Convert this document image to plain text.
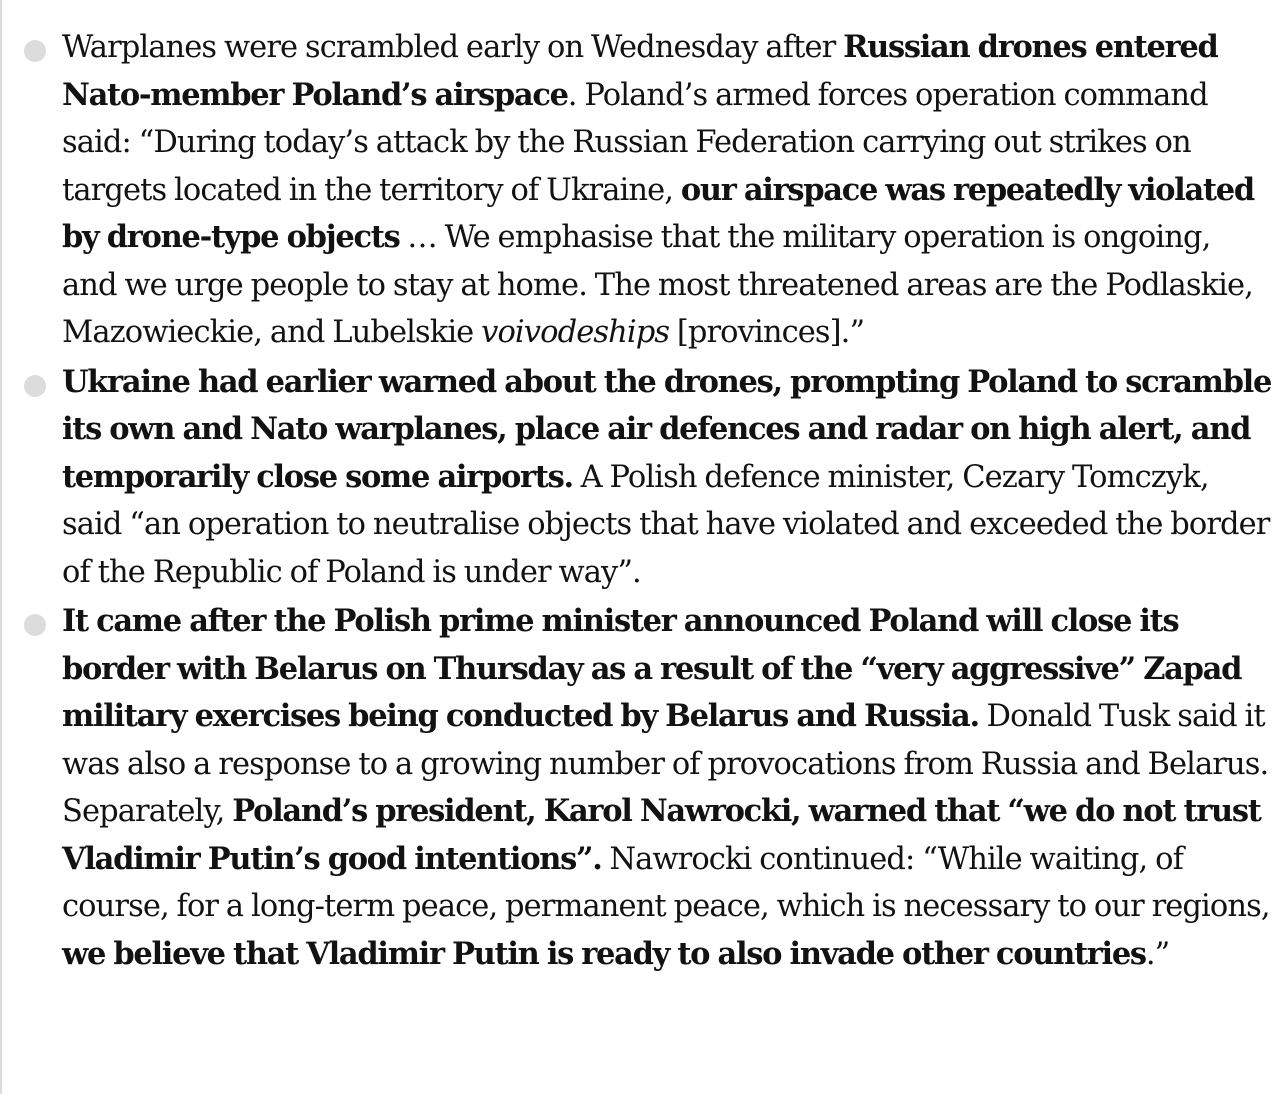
Warplanes were scrambled early on Wednesday after Russian drones entered Nato-member Poland’s airspace. Poland’s armed forces operation command said: “During today’s attack by the Russian Federation carrying out strikes on targets located in the territory of Ukraine, our airspace was repeatedly violated by drone-type objects … We emphasise that the military operation is ongoing, and we urge people to stay at home. The most threatened areas are the Podlaskie, Mazowieckie, and Lubelskie voivodeships [provinces].”
Ukraine had earlier warned about the drones, prompting Poland to scramble its own and Nato warplanes, place air defences and radar on high alert, and temporarily close some airports. A Polish defence minister, Cezary Tomczyk, said “an operation to neutralise objects that have violated and exceeded the border of the Republic of Poland is under way”.
It came after the Polish prime minister announced Poland will close its border with Belarus on Thursday as a result of the “very aggressive” Zapad military exercises being conducted by Belarus and Russia. Donald Tusk said it was also a response to a growing number of provocations from Russia and Belarus. Separately, Poland’s president, Karol Nawrocki, warned that “we do not trust Vladimir Putin’s good intentions”. Nawrocki continued: “While waiting, of course, for a long-term peace, permanent peace, which is necessary to our regions, we believe that Vladimir Putin is ready to also invade other countries.”
